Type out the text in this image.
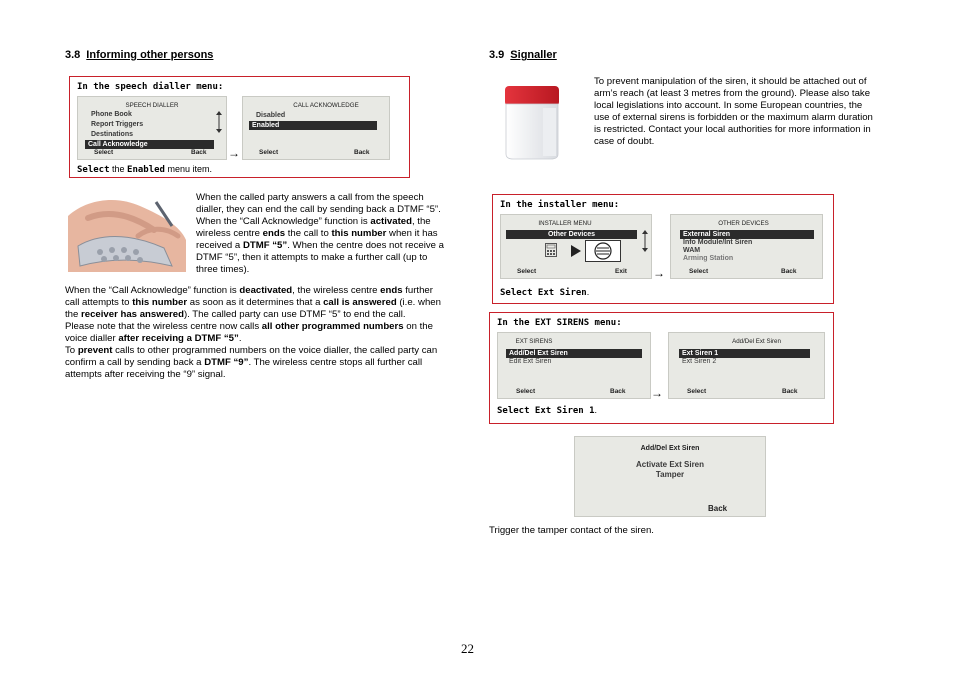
3.8 Informing other persons
In the speech dialler menu:
SPEECH DIALLER
Phone Book
Report Triggers
Destinations
Call Acknowledge
Select	Back →
CALL ACKNOWLEDGE
Disabled
Enabled
Select	Back
Select the Enabled menu item.

When the called party answers a call from the speech dialler, they can end the call by sending back a DTMF “5”.

When the “Call Acknowledge” function is activated, the wireless centre ends the call to this number when it has received a DTMF “5”. When the centre does not receive a DTMF “5”, then it attempts to make a further call (up to three times).

When the “Call Acknowledge” function is deactivated, the wireless centre ends further call attempts to this number as soon as it determines that a call is answered (i.e. when the receiver has answered). The called party can use DTMF “5” to end the call.

Please note that the wireless centre now calls all other programmed numbers on the voice dialler after receiving a DTMF “5”.

To prevent calls to other programmed numbers on the voice dialler, the called party can confirm a call by sending back a DTMF “9”. The wireless centre stops all further call attempts after receiving the “9” signal.

3.9 Signaller
To prevent manipulation of the siren, it should be attached out of arm’s reach (at least 3 metres from the ground). Please also take local legislations into account. In some European countries, the use of external sirens is forbidden or the maximum alarm duration is restricted. Contact your local authorities for more information in case of doubt.
In the installer menu:
INSTALLER MENU
Other Devices
Select	Exit →
OTHER DEVICES
External Siren
Info Module/Int Siren
WAM
Arming Station
Select	Back
Select Ext Siren.
In the EXT SIRENS menu:
EXT SIRENS
Add/Del Ext Siren
Edit Ext Siren
Select	Back →
Add/Del Ext Siren
Ext Siren 1
Ext Siren 2
Select	Back
Select Ext Siren 1.
Add/Del Ext Siren
Activate Ext Siren
Tamper
Back
Trigger the tamper contact of the siren.
22
